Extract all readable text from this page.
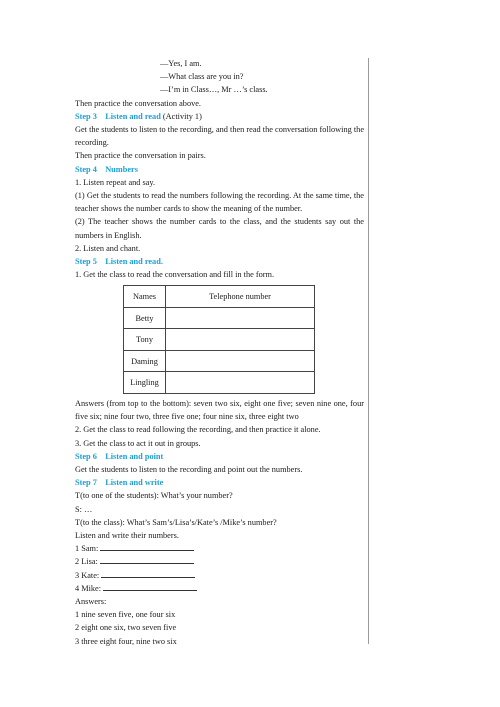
—Yes, I am.
—What class are you in?
—I’m in Class…, Mr …’s class.
Then practice the conversation above.
Step 3 Listen and read (Activity 1)
Get the students to listen to the recording, and then read the conversation following the recording.
Then practice the conversation in pairs.
Step 4 Numbers
1. Listen repeat and say.
(1) Get the students to read the numbers following the recording. At the same time, the teacher shows the number cards to show the meaning of the number.
(2) The teacher shows the number cards to the class, and the students say out the numbers in English.
2. Listen and chant.
Step 5 Listen and read.
1. Get the class to read the conversation and fill in the form.
Names	Telephone number
Betty	
Tony	
Daming	
Lingling	
Answers (from top to the bottom): seven two six, eight one five; seven nine one, four five six; nine four two, three five one; four nine six, three eight two
2. Get the class to read following the recording, and then practice it alone.
3. Get the class to act it out in groups.
Step 6 Listen and point
Get the students to listen to the recording and point out the numbers.
Step 7 Listen and write
T(to one of the students): What’s your number?
S: …
T(to the class): What’s Sam’s/Lisa’s/Kate’s /Mike’s number?
Listen and write their numbers.
1 Sam:
2 Lisa:
3 Kate:
4 Mike:
Answers:
1 nine seven five, one four six
2 eight one six, two seven five
3 three eight four, nine two six
